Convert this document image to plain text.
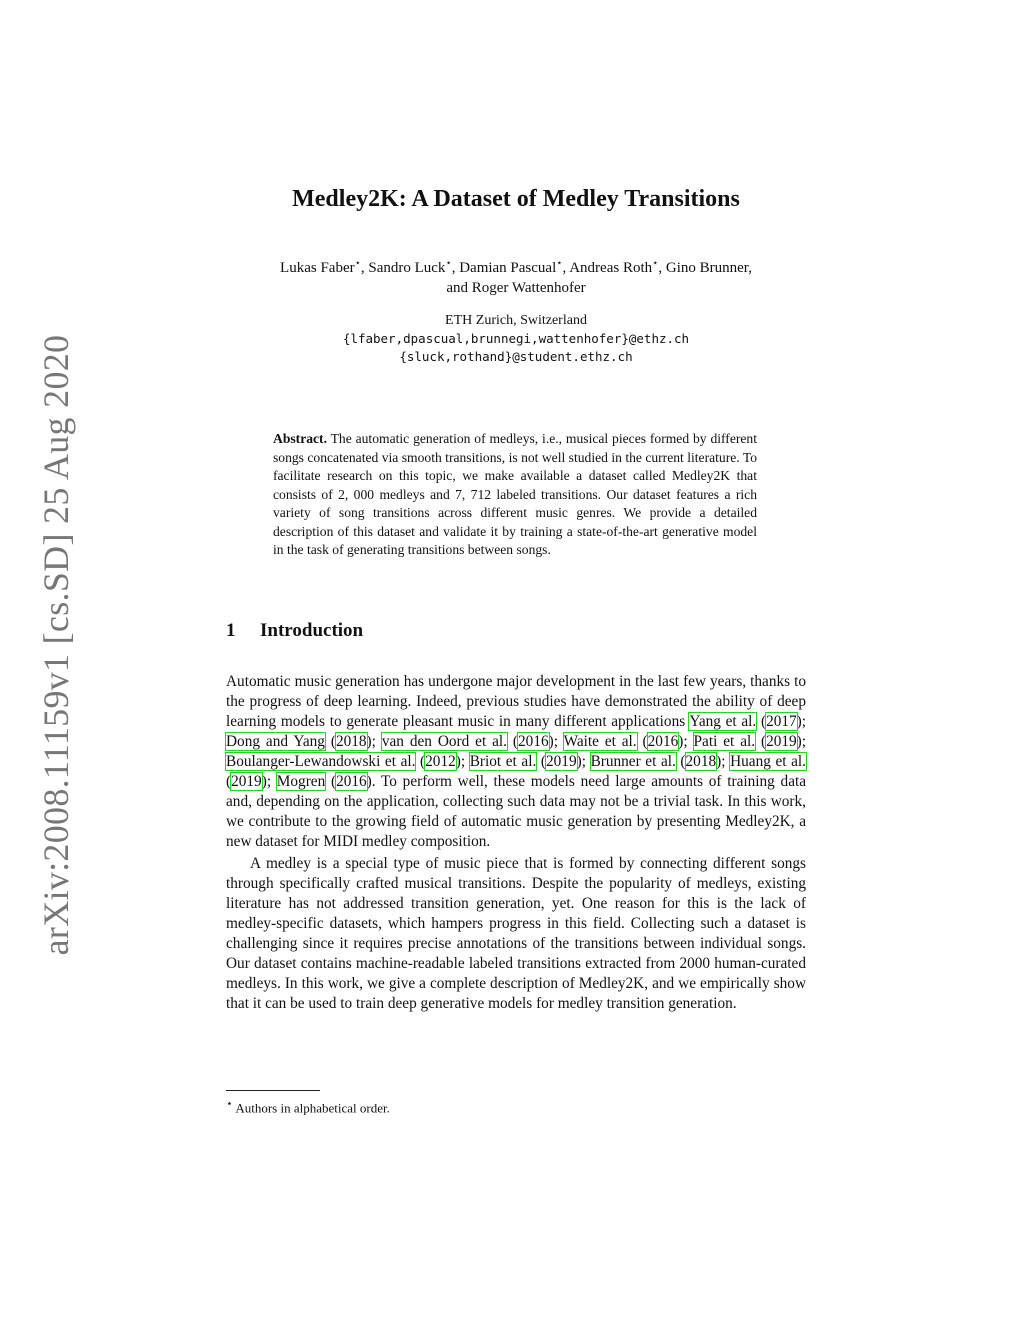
arXiv:2008.11159v1 [cs.SD] 25 Aug 2020
Medley2K: A Dataset of Medley Transitions
Lukas Faber⋆, Sandro Luck⋆, Damian Pascual⋆, Andreas Roth⋆, Gino Brunner,
and Roger Wattenhofer
ETH Zurich, Switzerland
{lfaber,dpascual,brunnegi,wattenhofer}@ethz.ch
{sluck,rothand}@student.ethz.ch
Abstract. The automatic generation of medleys, i.e., musical pieces formed by different songs concatenated via smooth transitions, is not well studied in the current literature. To facilitate research on this topic, we make available a dataset called Medley2K that consists of 2, 000 medleys and 7, 712 labeled transitions. Our dataset features a rich variety of song transitions across different music genres. We provide a detailed description of this dataset and validate it by training a state-of-the-art generative model in the task of generating transitions between songs.
1 Introduction

Automatic music generation has undergone major development in the last few years, thanks to the progress of deep learning. Indeed, previous studies have demonstrated the ability of deep learning models to generate pleasant music in many different applications Yang et al. (2017); Dong and Yang (2018); van den Oord et al. (2016); Waite et al. (2016); Pati et al. (2019); Boulanger-Lewandowski et al. (2012); Briot et al. (2019); Brunner et al. (2018); Huang et al. (2019); Mogren (2016). To perform well, these models need large amounts of training data and, depending on the application, collecting such data may not be a trivial task. In this work, we contribute to the growing field of automatic music generation by presenting Medley2K, a new dataset for MIDI medley composition.

A medley is a special type of music piece that is formed by connecting different songs through specifically crafted musical transitions. Despite the popularity of medleys, existing literature has not addressed transition generation, yet. One reason for this is the lack of medley-specific datasets, which hampers progress in this field. Collecting such a dataset is challenging since it requires precise annotations of the transitions between individual songs. Our dataset contains machine-readable labeled transitions extracted from 2000 human-curated medleys. In this work, we give a complete description of Medley2K, and we empirically show that it can be used to train deep generative models for medley transition generation.

⋆ Authors in alphabetical order.
